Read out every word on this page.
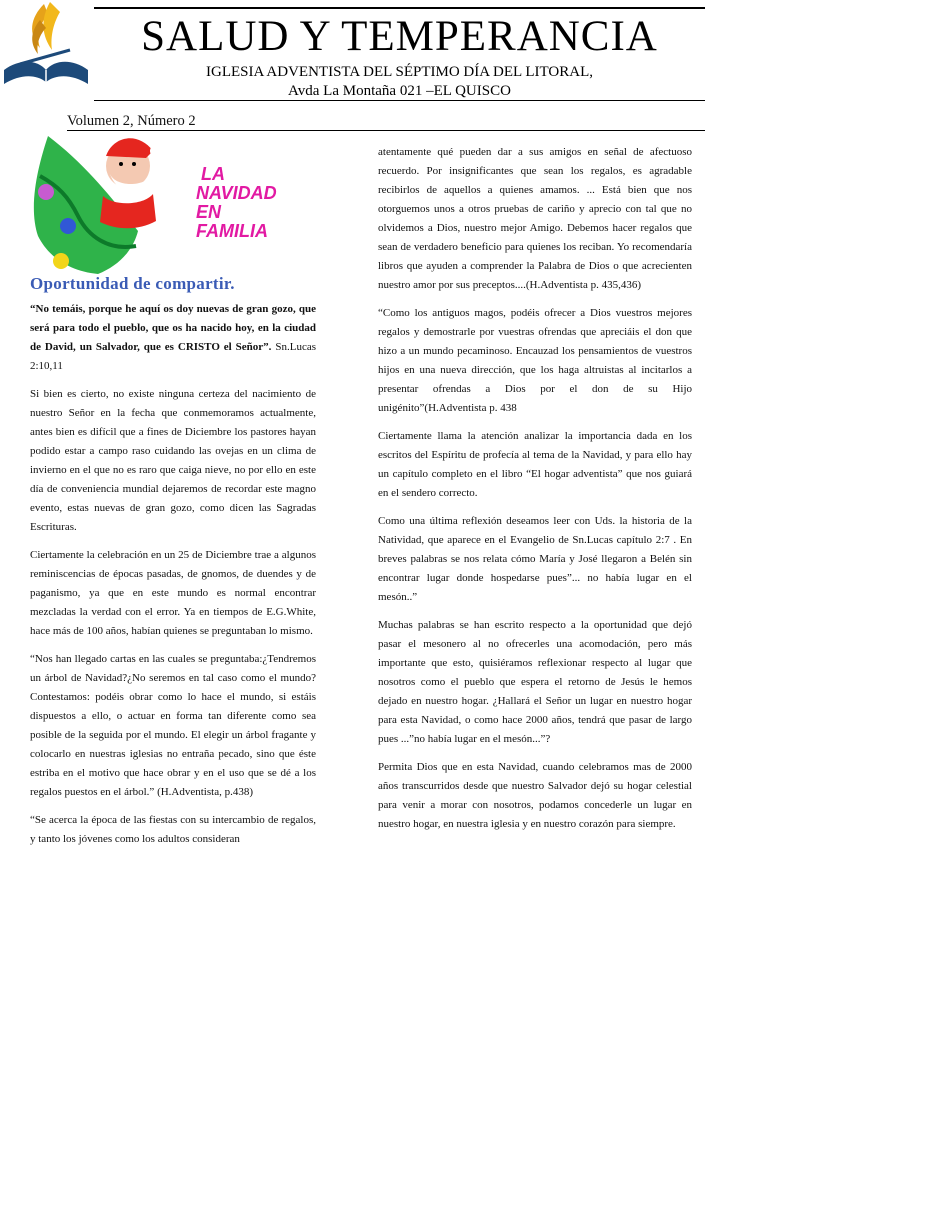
SALUD Y TEMPERANCIA
IGLESIA ADVENTISTA DEL SÉPTIMO DÍA DEL LITORAL,
Avda La Montaña 021 –EL QUISCO
Volumen 2, Número 2
LA
NAVIDAD
EN
FAMILIA
Oportunidad de compartir.

“No temáis, porque he aquí os doy nuevas de gran gozo, que será para todo el pueblo, que os ha nacido hoy, en la ciudad de David, un Salvador, que es CRISTO el Señor”. Sn.Lucas 2:10,11

Si bien es cierto, no existe ninguna certeza del nacimiento de nuestro Señor en la fecha que conmemoramos actualmente, antes bien es difícil que a fines de Diciembre los pastores hayan podido estar a campo raso cuidando las ovejas en un clima de invierno en el que no es raro que caiga nieve, no por ello en este día de conveniencia mundial dejaremos de recordar este magno evento, estas nuevas de gran gozo, como dicen las Sagradas Escrituras.

Ciertamente la celebración en un 25 de Diciembre trae a algunos reminiscencias de épocas pasadas, de gnomos, de duendes y de paganismo, ya que en este mundo es normal encontrar mezcladas la verdad con el error. Ya en tiempos de E.G.White, hace más de 100 años, habían quienes se preguntaban lo mismo.

“Nos han llegado cartas en las cuales se preguntaba:¿Tendremos un árbol de Navidad?¿No seremos en tal caso como el mundo? Contestamos: podéis obrar como lo hace el mundo, si estáis dispuestos a ello, o actuar en forma tan diferente como sea posible de la seguida por el mundo. El elegir un árbol fragante y colocarlo en nuestras iglesias no entraña pecado, sino que éste estriba en el motivo que hace obrar y en el uso que se dé a los regalos puestos en el árbol.” (H.Adventista, p.438)

“Se acerca la época de las fiestas con su intercambio de regalos, y tanto los jóvenes como los adultos consideran

atentamente qué pueden dar a sus amigos en señal de afectuoso recuerdo. Por insignificantes que sean los regalos, es agradable recibirlos de aquellos a quienes amamos. ... Está bien que nos otorguemos unos a otros pruebas de cariño y aprecio con tal que no olvidemos a Dios, nuestro mejor Amigo. Debemos hacer regalos que sean de verdadero beneficio para quienes los reciban. Yo recomendaría libros que ayuden a comprender la Palabra de Dios o que acrecienten nuestro amor por sus preceptos....(H.Adventista p. 435,436)

“Como los antiguos magos, podéis ofrecer a Dios vuestros mejores regalos y demostrarle por vuestras ofrendas que apreciáis el don que hizo a un mundo pecaminoso. Encauzad los pensamientos de vuestros hijos en una nueva dirección, que los haga altruistas al incitarlos a presentar ofrendas a Dios por el don de su Hijo unigénito”(H.Adventista p. 438

Ciertamente llama la atención analizar la importancia dada en los escritos del Espíritu de profecía al tema de la Navidad, y para ello hay un capítulo completo en el libro “El hogar adventista” que nos guiará en el sendero correcto.

Como una última reflexión deseamos leer con Uds. la historia de la Natividad, que aparece en el Evangelio de Sn.Lucas capítulo 2:7 . En breves palabras se nos relata cómo María y José llegaron a Belén sin encontrar lugar donde hospedarse pues”... no había lugar en el mesón..”

Muchas palabras se han escrito respecto a la oportunidad que dejó pasar el mesonero al no ofrecerles una acomodación, pero más importante que esto, quisiéramos reflexionar respecto al lugar que nosotros como el pueblo que espera el retorno de Jesús le hemos dejado en nuestro hogar. ¿Hallará el Señor un lugar en nuestro hogar para esta Navidad, o como hace 2000 años, tendrá que pasar de largo pues ...”no había lugar en el mesón...”?

Permita Dios que en esta Navidad, cuando celebramos mas de 2000 años transcurridos desde que nuestro Salvador dejó su hogar celestial para venir a morar con nosotros, podamos concederle un lugar en nuestro hogar, en nuestra iglesia y en nuestro corazón para siempre.
